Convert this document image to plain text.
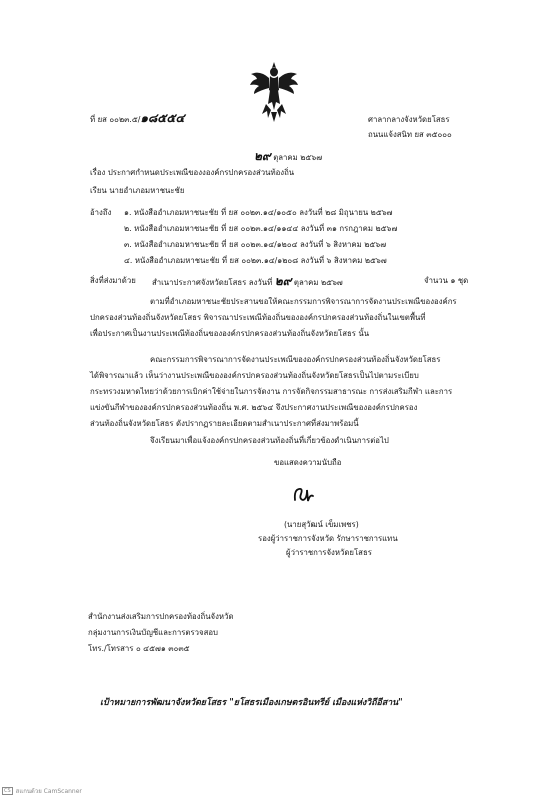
ที่ ยส ๐๐๒๓.๕/๑๘๕๕๔	ศาลากลางจังหวัดยโสธร
ถนนแจ้งสนิท ยส ๓๕๐๐๐
๒๙ ตุลาคม ๒๕๖๗
เรื่อง ประกาศกำหนดประเพณีของงองค์กรปกครองส่วนท้องถิ่น
เรียน นายอำเภอมหาชนะชัย
อ้างถึง ๑. หนังสืออำเภอมหาชนะชัย ที่ ยส ๐๐๒๓.๑๔/๑๐๕๐ ลงวันที่ ๒๘ มิถุนายน ๒๕๖๗
๒. หนังสืออำเภอมหาชนะชัย ที่ ยส ๐๐๒๓.๑๔/๑๑๔๔ ลงวันที่ ๓๑ กรกฎาคม ๒๕๖๗
๓. หนังสืออำเภอมหาชนะชัย ที่ ยส ๐๐๒๓.๑๔/๑๒๐๔ ลงวันที่ ๖ สิงหาคม ๒๕๖๗
๔. หนังสืออำเภอมหาชนะชัย ที่ ยส ๐๐๒๓.๑๔/๑๒๐๘ ลงวันที่ ๖ สิงหาคม ๒๕๖๗
สิ่งที่ส่งมาด้วย สำเนาประกาศจังหวัดยโสธร ลงวันที่ ๒๙ ตุลาคม ๒๕๖๗	จำนวน ๑ ชุด
ตามที่อำเภอมหาชนะชัยประสานขอให้คณะกรรมการพิจารณาการจัดงานประเพณีขององค์กร
ปกครองส่วนท้องถิ่นจังหวัดยโสธร พิจารณาประเพณีท้องถิ่นขององค์กรปกครองส่วนท้องถิ่นในเขตพื้นที่
เพื่อประกาศเป็นงานประเพณีท้องถิ่นขององค์กรปกครองส่วนท้องถิ่นจังหวัดยโสธร นั้น
คณะกรรมการพิจารณาการจัดงานประเพณีขององค์กรปกครองส่วนท้องถิ่นจังหวัดยโสธร
ได้พิจารณาแล้ว เห็นว่างานประเพณีขององค์กรปกครองส่วนท้องถิ่นจังหวัดยโสธรเป็นไปตามระเบียบ
กระทรวงมหาดไทยว่าด้วยการเบิกค่าใช้จ่ายในการจัดงาน การจัดกิจกรรมสาธารณะ การส่งเสริมกีฬา และการ
แข่งขันกีฬาขององค์กรปกครองส่วนท้องถิ่น พ.ศ. ๒๕๖๔ จึงประกาศงานประเพณีขององค์กรปกครอง
ส่วนท้องถิ่นจังหวัดยโสธร ดังปรากฏรายละเอียดตามสำเนาประกาศที่ส่งมาพร้อมนี้
จึงเรียนมาเพื่อแจ้งองค์กรปกครองส่วนท้องถิ่นที่เกี่ยวข้องดำเนินการต่อไป
ขอแสดงความนับถือ
(นายสุวัฒน์ เข็มเพชร)
รองผู้ว่าราชการจังหวัด รักษาราชการแทน
ผู้ว่าราชการจังหวัดยโสธร
สำนักงานส่งเสริมการปกครองท้องถิ่นจังหวัด
กลุ่มงานการเงินบัญชีและการตรวจสอบ
โทร./โทรสาร ๐ ๔๕๗๑ ๓๐๓๕
เป้าหมายการพัฒนาจังหวัดยโสธร "ยโสธรเมืองเกษตรอินทรีย์ เมืองแห่งวิถีอีสาน"
CS สแกนด้วย CamScanner
